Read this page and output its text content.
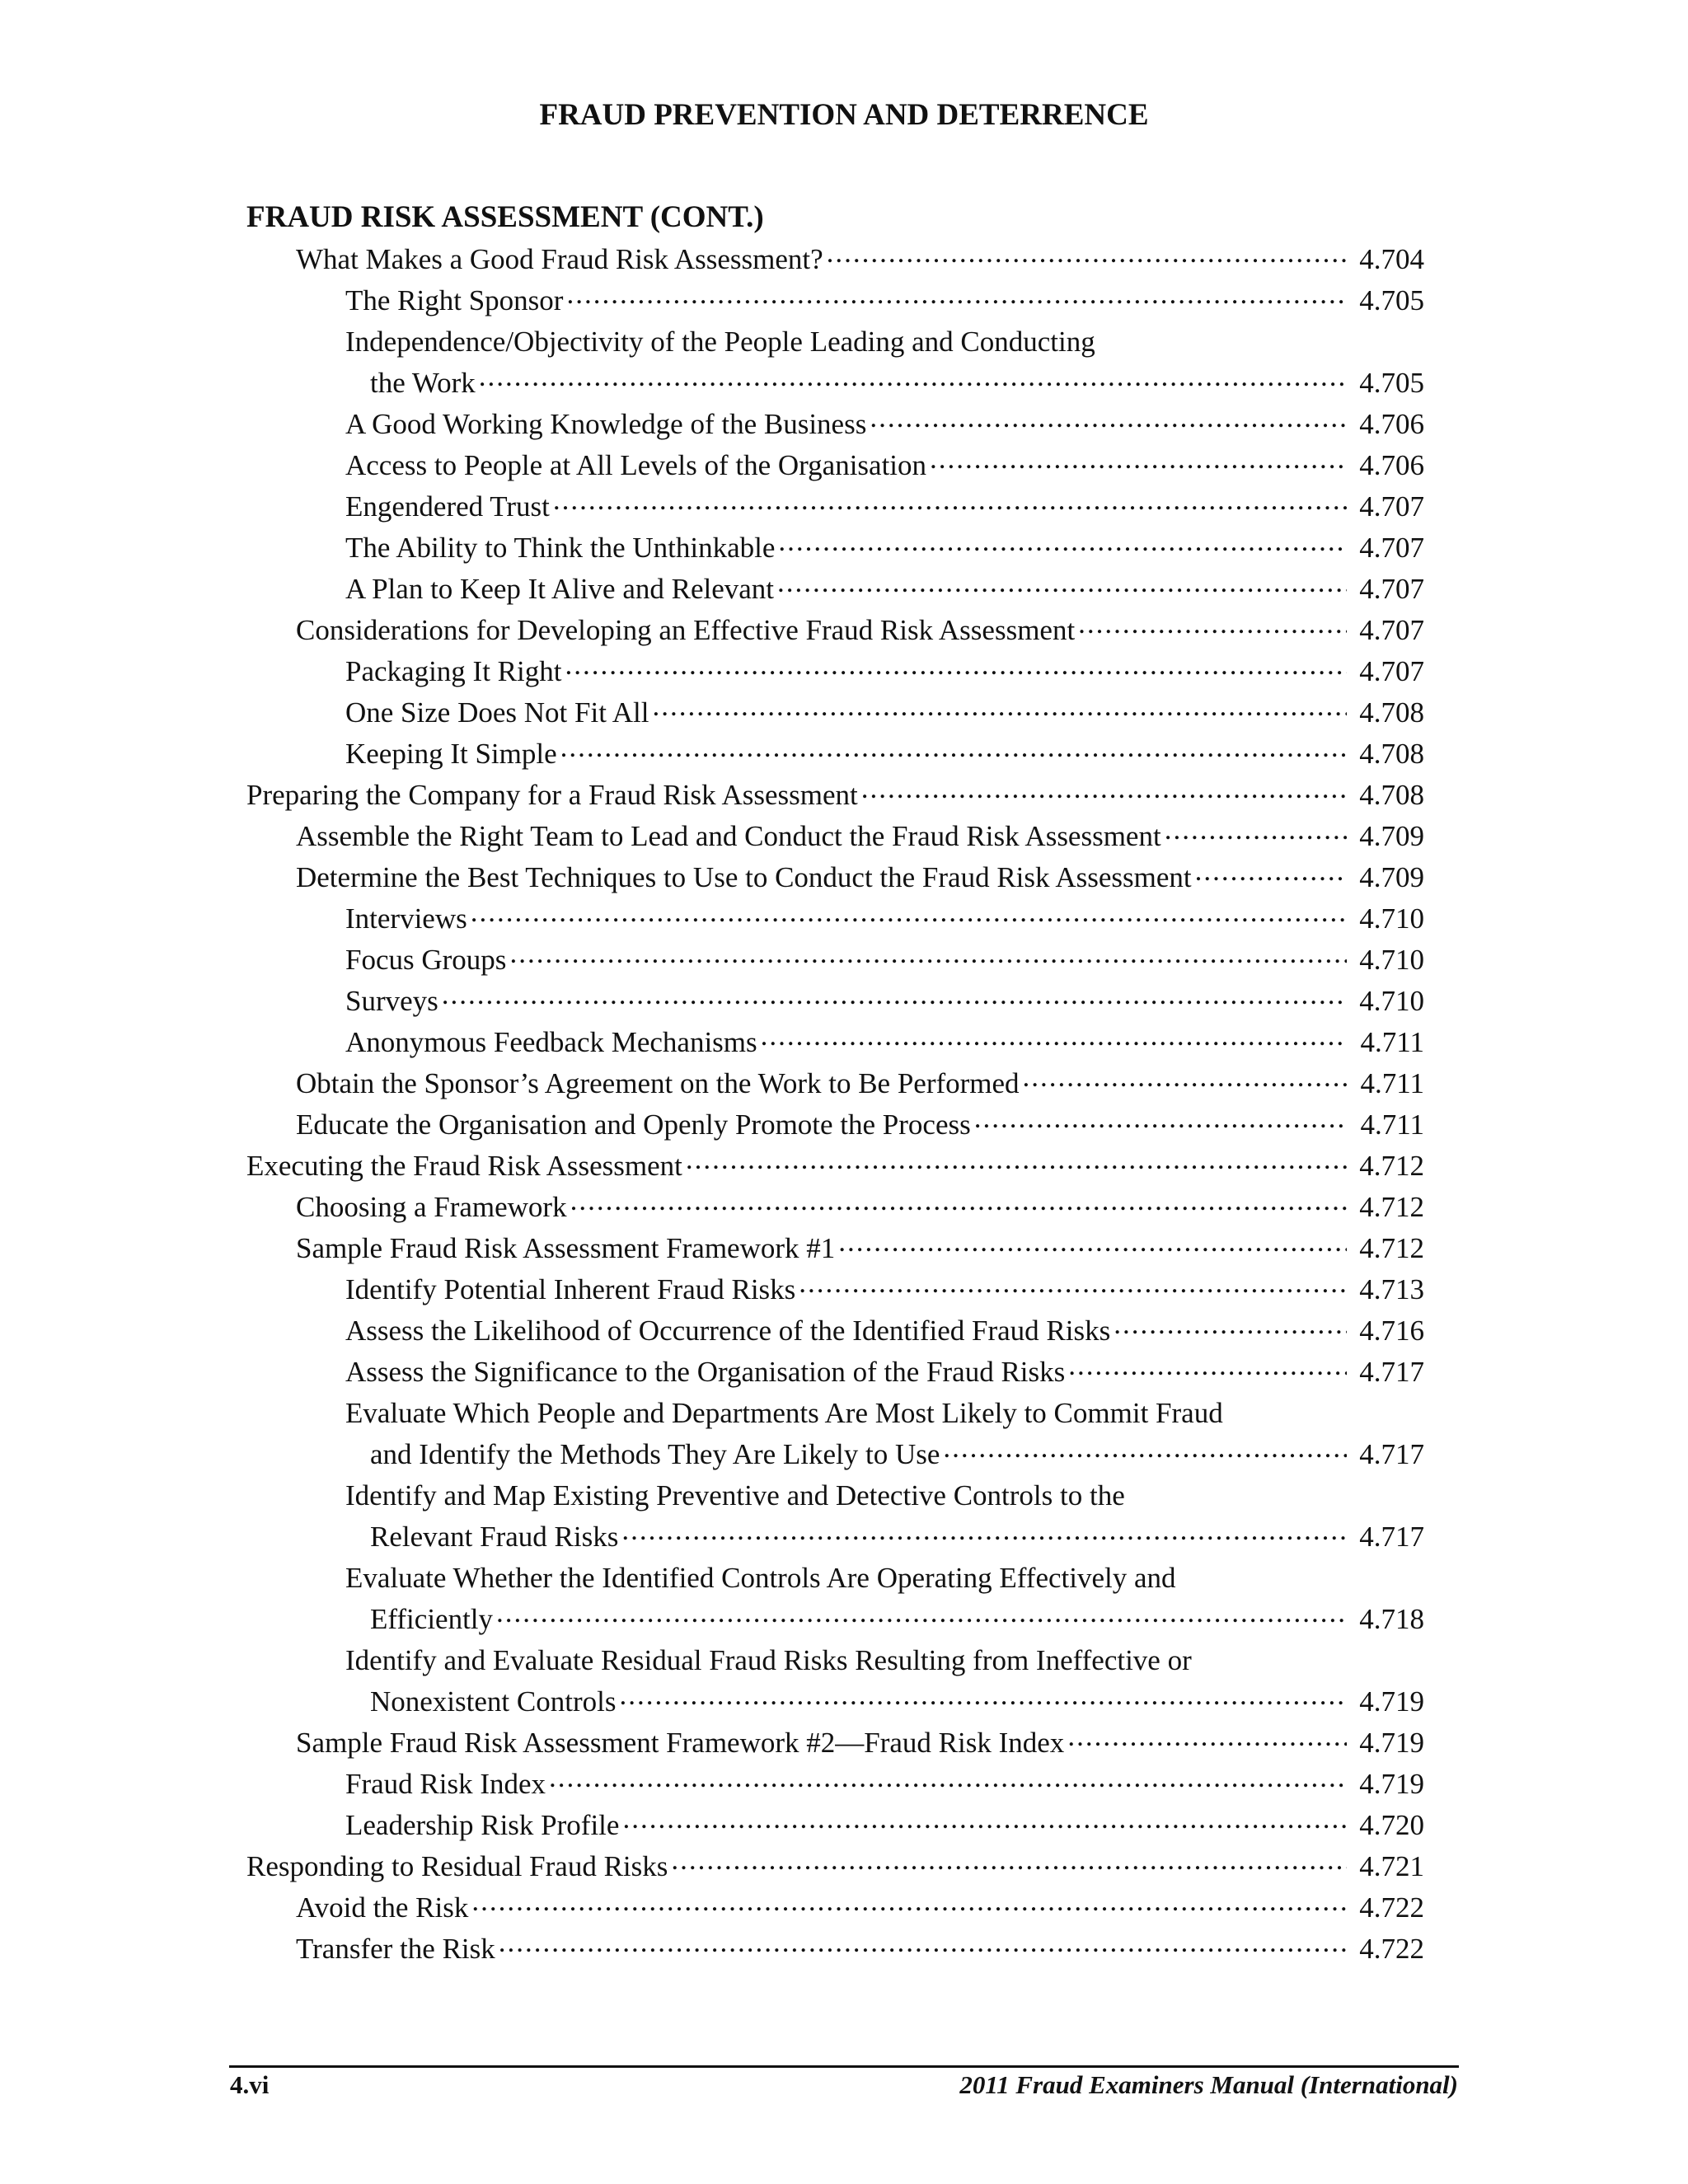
FRAUD PREVENTION AND DETERRENCE
FRAUD RISK ASSESSMENT (CONT.)
What Makes a Good Fraud Risk Assessment? .....	4.704
The Right Sponsor .....	4.705
Independence/Objectivity of the People Leading and Conducting
the Work .....	4.705
A Good Working Knowledge of the Business .....	4.706
Access to People at All Levels of the Organisation .....	4.706
Engendered Trust .....	4.707
The Ability to Think the Unthinkable .....	4.707
A Plan to Keep It Alive and Relevant .....	4.707
Considerations for Developing an Effective Fraud Risk Assessment .....	4.707
Packaging It Right .....	4.707
One Size Does Not Fit All .....	4.708
Keeping It Simple .....	4.708
Preparing the Company for a Fraud Risk Assessment .....	4.708
Assemble the Right Team to Lead and Conduct the Fraud Risk Assessment .....	4.709
Determine the Best Techniques to Use to Conduct the Fraud Risk Assessment .....	4.709
Interviews .....	4.710
Focus Groups .....	4.710
Surveys .....	4.710
Anonymous Feedback Mechanisms .....	4.711
Obtain the Sponsor’s Agreement on the Work to Be Performed .....	4.711
Educate the Organisation and Openly Promote the Process .....	4.711
Executing the Fraud Risk Assessment .....	4.712
Choosing a Framework .....	4.712
Sample Fraud Risk Assessment Framework #1 .....	4.712
Identify Potential Inherent Fraud Risks .....	4.713
Assess the Likelihood of Occurrence of the Identified Fraud Risks .....	4.716
Assess the Significance to the Organisation of the Fraud Risks .....	4.717
Evaluate Which People and Departments Are Most Likely to Commit Fraud
and Identify the Methods They Are Likely to Use .....	4.717
Identify and Map Existing Preventive and Detective Controls to the
Relevant Fraud Risks .....	4.717
Evaluate Whether the Identified Controls Are Operating Effectively and
Efficiently .....	4.718
Identify and Evaluate Residual Fraud Risks Resulting from Ineffective or
Nonexistent Controls .....	4.719
Sample Fraud Risk Assessment Framework #2—Fraud Risk Index .....	4.719
Fraud Risk Index .....	4.719
Leadership Risk Profile .....	4.720
Responding to Residual Fraud Risks .....	4.721
Avoid the Risk .....	4.722
Transfer the Risk .....	4.722
4.vi	2011 Fraud Examiners Manual (International)
